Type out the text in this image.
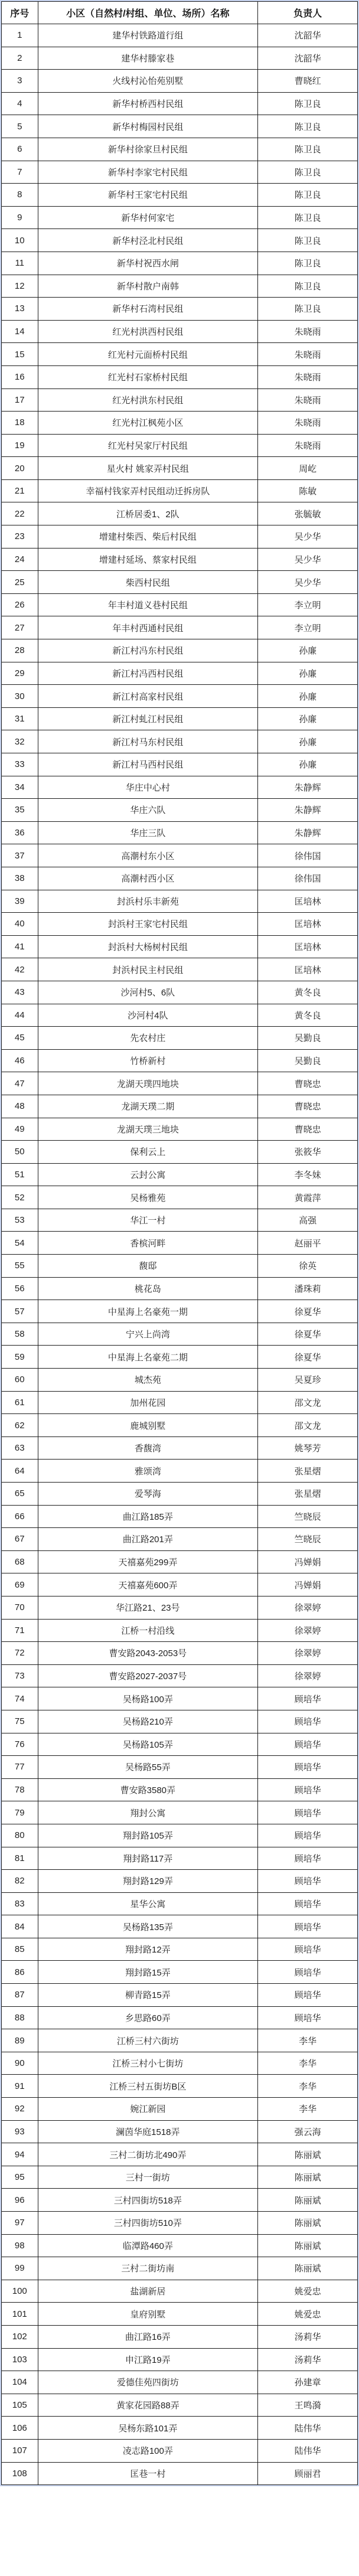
序号	小区（自然村/村组、单位、场所）名称	负责人
1	建华村铁路道行组	沈韶华
2	建华村滕家巷	沈韶华
3	火线村沁怡苑别墅	曹晓红
4	新华村桥西村民组	陈卫良
5	新华村梅园村民组	陈卫良
6	新华村徐家旦村民组	陈卫良
7	新华村李家宅村民组	陈卫良
8	新华村王家宅村民组	陈卫良
9	新华村何家宅	陈卫良
10	新华村泾北村民组	陈卫良
11	新华村祝西水闸	陈卫良
12	新华村散户南韩	陈卫良
13	新华村石湾村民组	陈卫良
14	红光村洪西村民组	朱晓雨
15	红光村元面桥村民组	朱晓雨
16	红光村石家桥村民组	朱晓雨
17	红光村洪东村民组	朱晓雨
18	红光村江枫苑小区	朱晓雨
19	红光村吴家厅村民组	朱晓雨
20	星火村 姚家弄村民组	周屹
21	幸福村钱家弄村民组动迁拆房队	陈敏
22	江桥居委1、2队	张毓敏
23	增建村柴西、柴后村民组	吴少华
24	增建村延场、蔡家村民组	吴少华
25	柴西村民组	吴少华
26	年丰村道义巷村民组	李立明
27	年丰村西通村民组	李立明
28	新江村冯东村民组	孙廉
29	新江村冯西村民组	孙廉
30	新江村高家村民组	孙廉
31	新江村虬江村民组	孙廉
32	新江村马东村民组	孙廉
33	新江村马西村民组	孙廉
34	华庄中心村	朱静辉
35	华庄六队	朱静辉
36	华庄三队	朱静辉
37	高潮村东小区	徐伟国
38	高潮村西小区	徐伟国
39	封浜村乐丰新苑	匡培林
40	封浜村王家宅村民组	匡培林
41	封浜村大杨树村民组	匡培林
42	封浜村民主村民组	匡培林
43	沙河村5、6队	黄冬良
44	沙河村4队	黄冬良
45	先农村庄	吴勤良
46	竹桥新村	吴勤良
47	龙湖天璞四地块	曹晓忠
48	龙湖天璞二期	曹晓忠
49	龙湖天璞三地块	曹晓忠
50	保利云上	张筱华
51	云封公寓	李冬妹
52	吴杨雅苑	黄霞萍
53	华江一村	高强
54	香槟河畔	赵丽平
55	馥邸	徐英
56	桃花岛	潘珠莉
57	中星海上名豪苑一期	徐夏华
58	宁兴上尚湾	徐夏华
59	中星海上名豪苑二期	徐夏华
60	城杰苑	吴夏珍
61	加州花园	邵文龙
62	鹿城别墅	邵文龙
63	香馥湾	姚琴芳
64	雅颂湾	张星熠
65	爱琴海	张星熠
66	曲江路185弄	竺晓辰
67	曲江路201弄	竺晓辰
68	天禧嘉苑299弄	冯婵娟
69	天禧嘉苑600弄	冯婵娟
70	华江路21、23号	徐翠婷
71	江桥一村沿线	徐翠婷
72	曹安路2043-2053号	徐翠婷
73	曹安路2027-2037号	徐翠婷
74	吴杨路100弄	顾培华
75	吴杨路210弄	顾培华
76	吴杨路105弄	顾培华
77	吴杨路55弄	顾培华
78	曹安路3580弄	顾培华
79	翔封公寓	顾培华
80	翔封路105弄	顾培华
81	翔封路117弄	顾培华
82	翔封路129弄	顾培华
83	星华公寓	顾培华
84	吴杨路135弄	顾培华
85	翔封路12弄	顾培华
86	翔封路15弄	顾培华
87	柳青路15弄	顾培华
88	乡思路60弄	顾培华
89	江桥三村六街坊	李华
90	江桥三村小七街坊	李华
91	江桥三村五街坊B区	李华
92	婉江新园	李华
93	澜茵华庭1518弄	强云海
94	三村二街坊北490弄	陈丽斌
95	三村一街坊	陈丽斌
96	三村四街坊518弄	陈丽斌
97	三村四街坊510弄	陈丽斌
98	临潭路460弄	陈丽斌
99	三村二街坊南	陈丽斌
100	盐湖新居	姚爱忠
101	皇府别墅	姚爱忠
102	曲江路16弄	汤莉华
103	申江路19弄	汤莉华
104	爱德佳苑四街坊	孙建章
105	黄家花园路88弄	王鸣漪
106	吴杨东路101弄	陆伟华
107	凌志路100弄	陆伟华
108	匡巷一村	顾丽君
